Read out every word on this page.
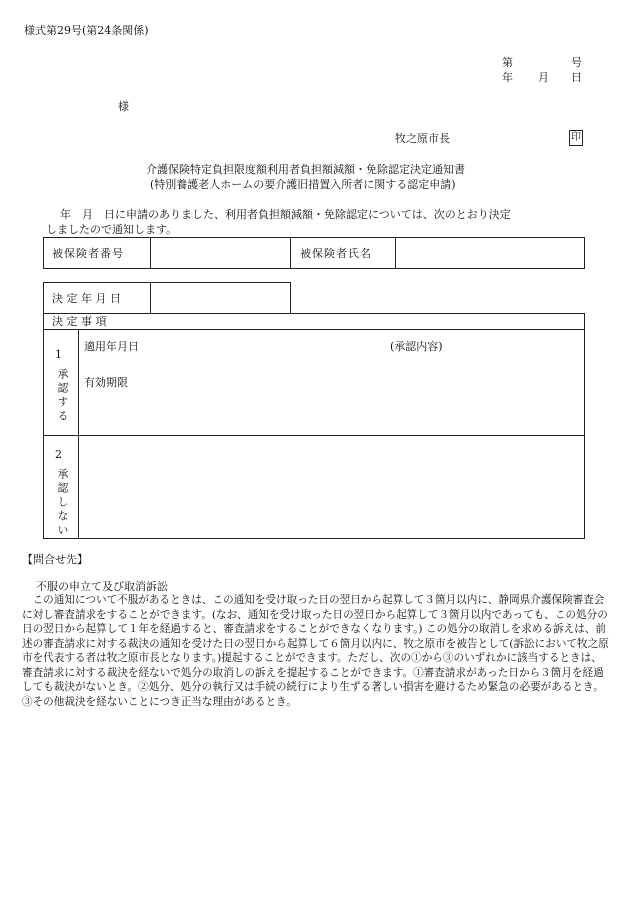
様式第29号(第24条関係)
第	号
年 月 日
様
牧之原市長	印
介護保険特定負担限度額利用者負担額減額・免除認定決定通知書
(特別養護老人ホームの要介護旧措置入所者に関する認定申請)
年　月　日に申請のありました、利用者負担額減額・免除認定については、次のとおり決定
しましたので通知します。
被保険者番号	被保険者氏名
決 定 年 月 日
決 定 事 項
1
承認する
適用年月日	(承認内容)
有効期限
2
承認しない
【問合せ先】
不服の申立て及び取消訴訟
この通知について不服があるときは、この通知を受け取った日の翌日から起算して３箇月以内に、静岡県介護保険審査会に対し審査請求をすることができます。(なお、通知を受け取った日の翌日から起算して３箇月以内であっても、この処分の日の翌日から起算して１年を経過すると、審査請求をすることができなくなります。) この処分の取消しを求める訴えは、前述の審査請求に対する裁決の通知を受けた日の翌日から起算して６箇月以内に、牧之原市を被告として(訴訟において牧之原市を代表する者は牧之原市長となります。)提起することができます。ただし、次の①から③のいずれかに該当するときは、審査請求に対する裁決を経ないで処分の取消しの訴えを提起することができます。①審査請求があった日から３箇月を経過しても裁決がないとき。②処分、処分の執行又は手続の続行により生ずる著しい損害を避けるため緊急の必要があるとき。③その他裁決を経ないことにつき正当な理由があるとき。
